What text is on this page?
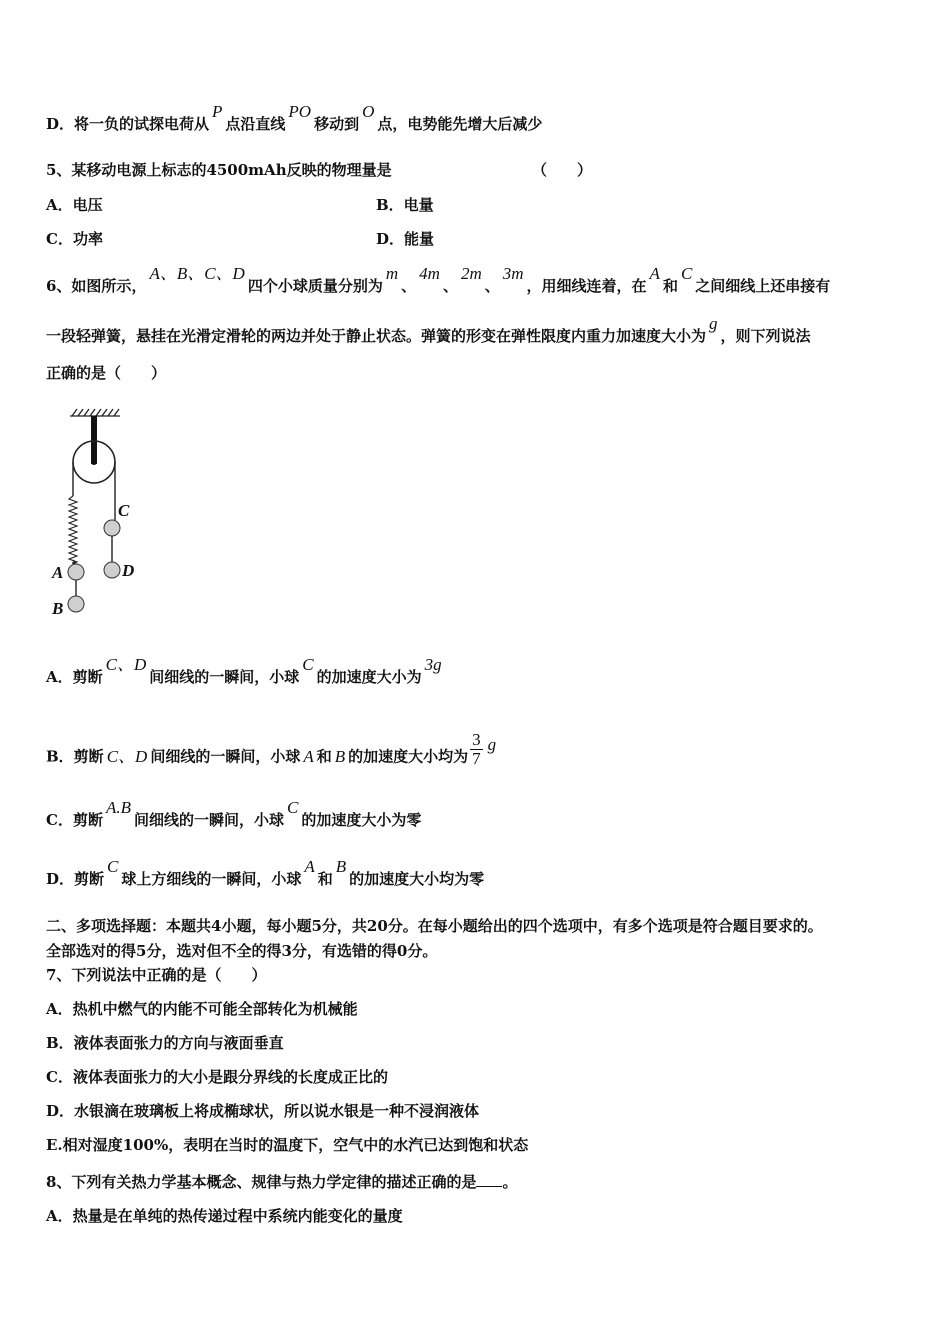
D．将一负的试探电荷从P点沿直线PO移动到O点，电势能先增大后减少
5、某移动电源上标志的4500mAh反映的物理量是	（　　）
A．电压	B．电量
C．功率	D．能量
6、如图所示，A、B、C、D四个小球质量分别为m、4m、2m、3m，用细线连着，在A和C之间细线上还串接有
一段轻弹簧，悬挂在光滑定滑轮的两边并处于静止状态。弹簧的形变在弹性限度内重力加速度大小为g，则下列说法
正确的是（　　）
A
B
C
D
A．剪断C、D间细线的一瞬间，小球C的加速度大小为3g
B．剪断 C、D 间细线的一瞬间，小球 A 和 B 的加速度大小均为 $\frac{3}{7}$ g
C．剪断A.B间细线的一瞬间，小球C的加速度大小为零
D．剪断C球上方细线的一瞬间，小球A和B的加速度大小均为零
二、多项选择题：本题共4小题，每小题5分，共20分。在每小题给出的四个选项中，有多个选项是符合题目要求的。
全部选对的得5分，选对但不全的得3分，有选错的得0分。
7、下列说法中正确的是（　　）
A．热机中燃气的内能不可能全部转化为机械能
B．液体表面张力的方向与液面垂直
C．液体表面张力的大小是跟分界线的长度成正比的
D．水银滴在玻璃板上将成椭球状，所以说水银是一种不浸润液体
E.相对湿度100%，表明在当时的温度下，空气中的水汽已达到饱和状态
8、下列有关热力学基本概念、规律与热力学定律的描述正确的是 。
A．热量是在单纯的热传递过程中系统内能变化的量度
